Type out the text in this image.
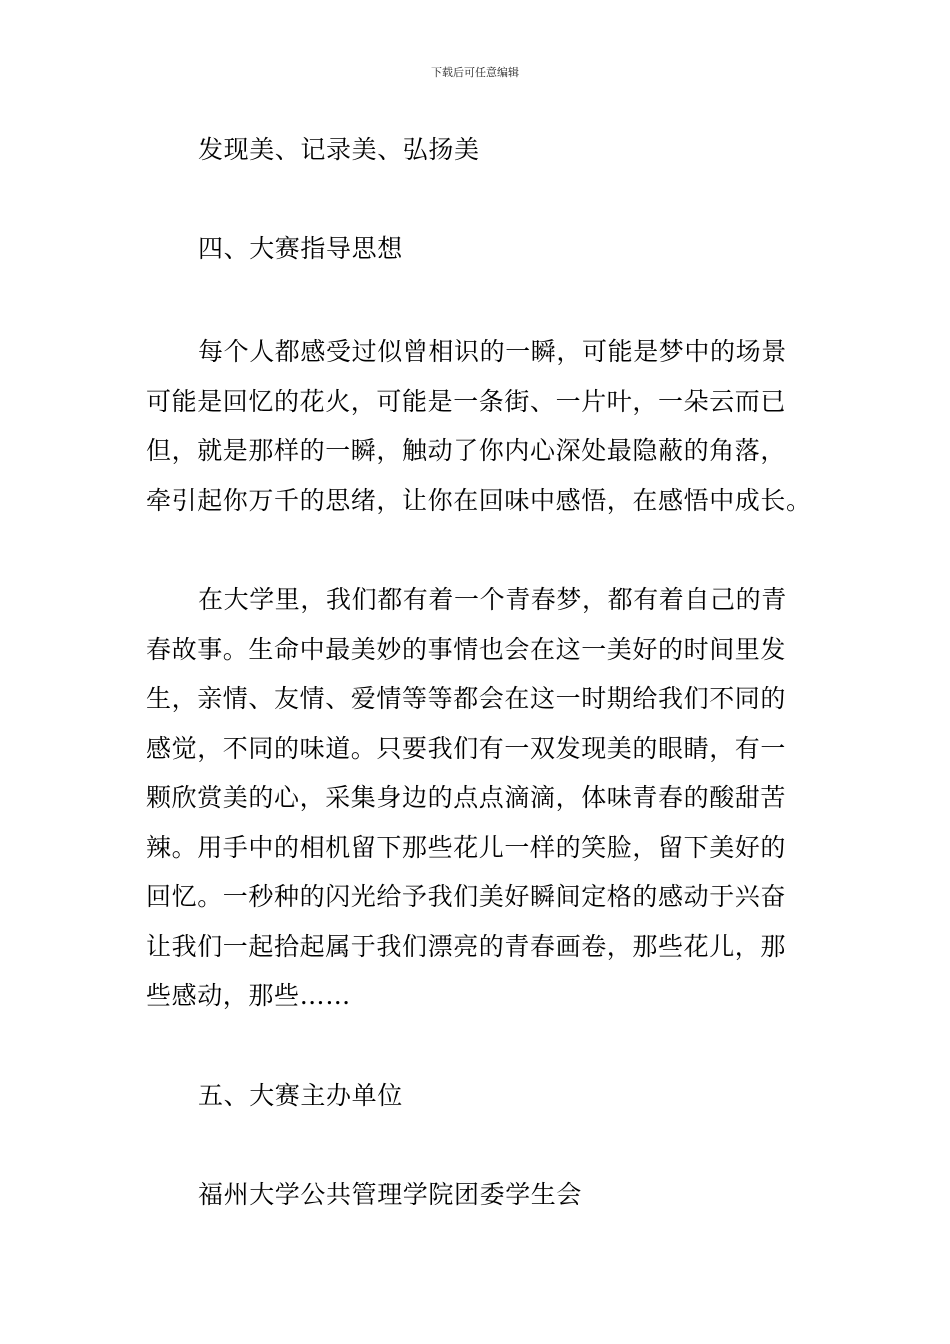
下载后可任意编辑
发现美、记录美、弘扬美
四、大赛指导思想
每个人都感受过似曾相识的一瞬，可能是梦中的场景
可能是回忆的花火，可能是一条街、一片叶，一朵云而已
但，就是那样的一瞬，触动了你内心深处最隐蔽的角落，
牵引起你万千的思绪，让你在回味中感悟，在感悟中成长。
在大学里，我们都有着一个青春梦，都有着自己的青
春故事。生命中最美妙的事情也会在这一美好的时间里发
生，亲情、友情、爱情等等都会在这一时期给我们不同的
感觉，不同的味道。只要我们有一双发现美的眼睛，有一
颗欣赏美的心，采集身边的点点滴滴，体味青春的酸甜苦
辣。用手中的相机留下那些花儿一样的笑脸，留下美好的
回忆。一秒种的闪光给予我们美好瞬间定格的感动于兴奋
让我们一起拾起属于我们漂亮的青春画卷，那些花儿，那
些感动，那些……
五、大赛主办单位
福州大学公共管理学院团委学生会
